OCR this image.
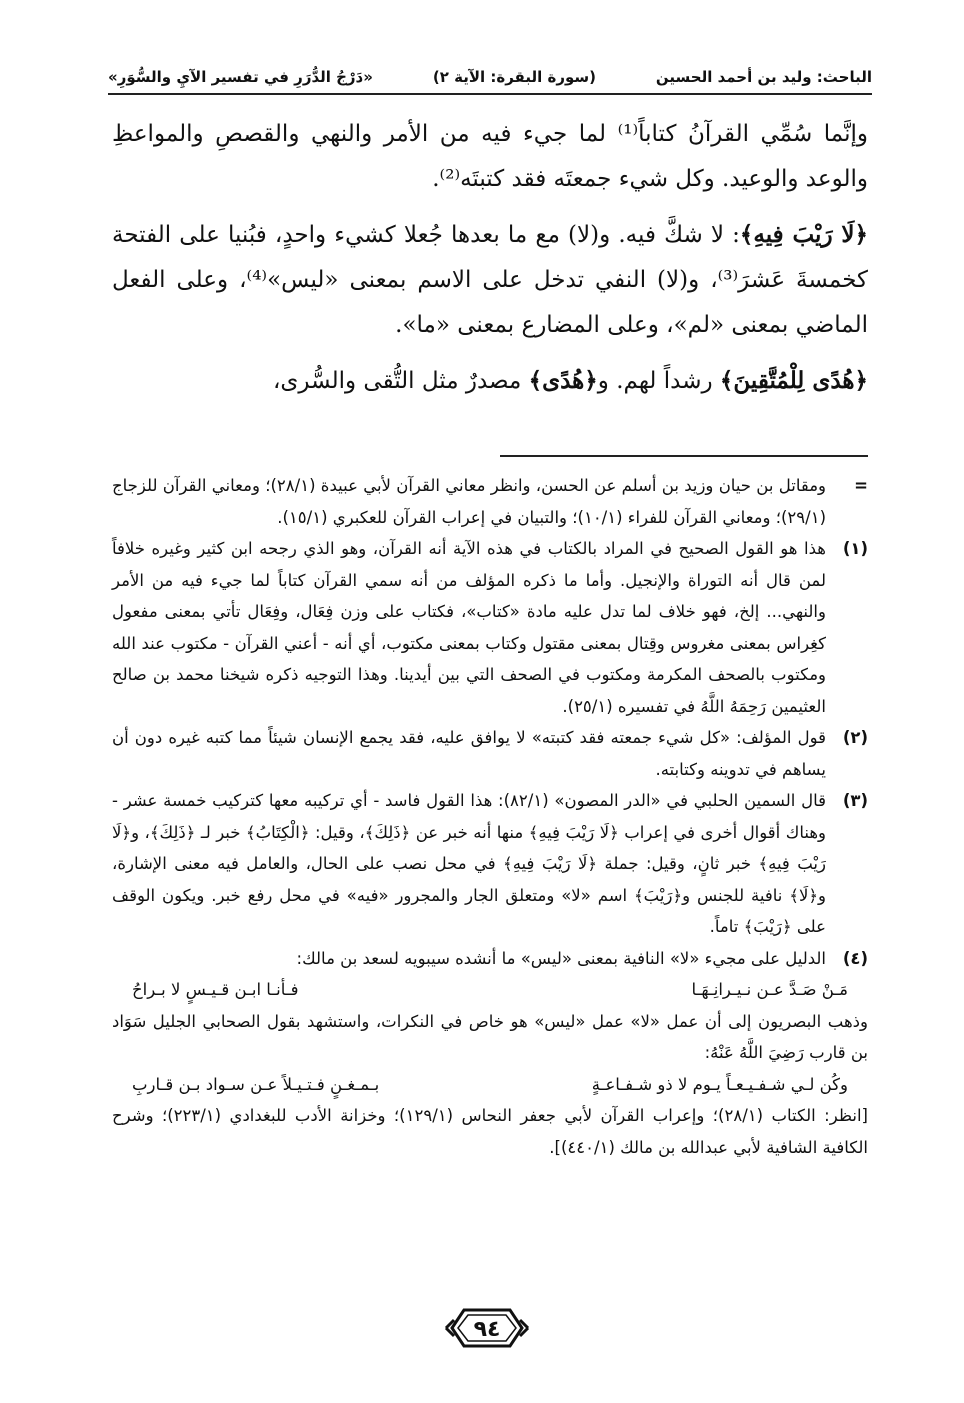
الباحث: وليد بن أحمد الحسين
(سورة البقرة: الآية ٢)
«دَرْجُ الدُّرَرِ في تفسير الآيِ والسُّوَرِ»

وإنَّما سُمِّي القرآنُ كتاباً⁽¹⁾ لما جيء فيه من الأمر والنهي والقصصِ والمواعظِ والوعد والوعيد. وكل شيء جمعتَه فقد كتبتَه⁽²⁾.

﴿لَا رَيْبَ فِيهِ﴾: لا شكَّ فيه. و(لا) مع ما بعدها جُعلا كشيء واحدٍ، فبُنيا على الفتحة كخمسةَ عَشرَ⁽³⁾، و(لا) النفي تدخل على الاسم بمعنى «ليس»⁽⁴⁾، وعلى الفعل الماضي بمعنى «لم»، وعلى المضارع بمعنى «ما».

﴿هُدًى لِلْمُتَّقِينَ﴾ رشداً لهم. و﴿هُدًى﴾ مصدرٌ مثل التُّقى والسُّرى،

=
ومقاتل بن حيان وزيد بن أسلم عن الحسن، وانظر معاني القرآن لأبي عبيدة (٢٨/١)؛ ومعاني القرآن للزجاج (٢٩/١)؛ ومعاني القرآن للفراء (١٠/١)؛ والتبيان في إعراب القرآن للعكبري (١٥/١).
(١)
هذا هو القول الصحيح في المراد بالكتاب في هذه الآية أنه القرآن، وهو الذي رجحه ابن كثير وغيره خلافاً لمن قال أنه التوراة والإنجيل. وأما ما ذكره المؤلف من أنه سمي القرآن كتاباً لما جيء فيه من الأمر والنهي... إلخ، فهو خلاف لما تدل عليه مادة «كتاب»، فكتاب على وزن فِعَال، وفِعَال تأتي بمعنى مفعول كغِراس بمعنى مغروس وقِتال بمعنى مقتول وكتاب بمعنى مكتوب، أي أنه - أعني القرآن - مكتوب عند الله ومكتوب بالصحف المكرمة ومكتوب في الصحف التي بين أيدينا. وهذا التوجيه ذكره شيخنا محمد بن صالح العثيمين رَحِمَهُ اللَّهُ في تفسيره (٢٥/١).
(٢)
قول المؤلف: «كل شيء جمعته فقد كتبته» لا يوافق عليه، فقد يجمع الإنسان شيئاً مما كتبه غيره دون أن يساهم في تدوينه وكتابته.
(٣)
قال السمين الحلبي في «الدر المصون» (٨٢/١): هذا القول فاسد - أي تركيبه معها كتركيب خمسة عشر - وهناك أقوال أخرى في إعراب ﴿لَا رَيْبَ فِيهِ﴾ منها أنه خبر عن ﴿ذَلِكَ﴾، وقيل: ﴿الْكِتَابُ﴾ خبر لـ ﴿ذَلِكَ﴾، و﴿لَا رَيْبَ فِيهِ﴾ خبر ثانٍ، وقيل: جملة ﴿لَا رَيْبَ فِيهِ﴾ في محل نصب على الحال، والعامل فيه معنى الإشارة، و﴿لَا﴾ نافية للجنس و﴿رَيْبَ﴾ اسم «لا» ومتعلق الجار والمجرور «فيه» في محل رفع خبر. ويكون الوقف على ﴿رَيْبَ﴾ تاماً.
(٤)
الدليل على مجيء «لا» النافية بمعنى «ليس» ما أنشده سيبويه لسعد بن مالك:
مَـنْ صَـدَّ عـن نـيـرانِـهَـا
فـأنـا ابـن قـيـسٍ لا بـراحُ
وذهب البصريون إلى أن عمل «لا» عمل «ليس» هو خاص في النكرات، واستشهد بقول الصحابي الجليل سَوَاد بن قارب رَضِيَ اللَّهُ عَنْهُ:
وكُن لـي شـفـيـعـاً يـوم لا ذو شـفـاعـةٍ
بـمـغـنٍ فـتـيـلاً عـن سـواد بـن قـاربِ
[انظر: الكتاب (٢٨/١)؛ وإعراب القرآن لأبي جعفر النحاس (١٢٩/١)؛ وخزانة الأدب للبغدادي (٢٢٣/١)؛ وشرح الكافية الشافية لأبي عبدالله بن مالك (٤٤٠/١)].
٩٤
